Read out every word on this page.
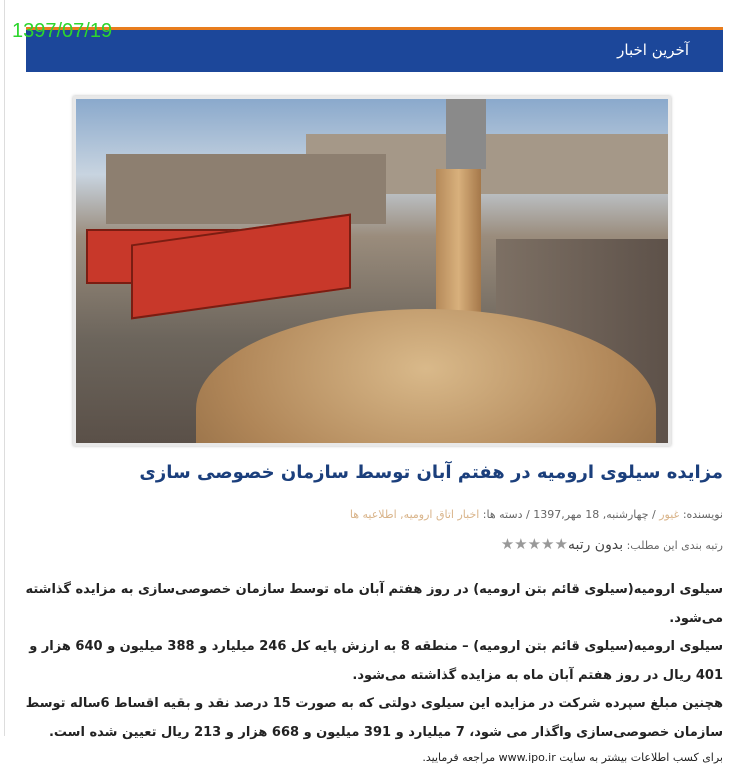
1397/07/19
آخرین اخبار
مزایده سیلوی ارومیه در هفتم آبان توسط سازمان خصوصی سازی
نویسنده: غیور / چهارشنبه, 18 مهر,1397 / دسته ها: اخبار اتاق ارومیه, اطلاعیه ها
رتبه بندی این مطلب: بدون رتبه★★★★★

سیلوی ارومیه(سیلوی قائم بتن ارومیه) در روز هفتم آبان ماه توسط سازمان خصوصی‌سازی به مزایده گذاشته می‌شود.

سیلوی ارومیه(سیلوی قائم بتن ارومیه) – منطقه 8 به ارزش پایه کل 246 میلیارد و 388 میلیون و 640 هزار و 401 ریال در روز هفتم آبان ماه به مزایده گذاشته می‌شود.

هچنین مبلغ سپرده شرکت در مزایده این سیلوی دولتی که به صورت 15 درصد نقد و بقیه اقساط 6ساله توسط سازمان خصوصی‌سازی واگذار می شود، 7 میلیارد و 391 میلیون و 668 هزار و 213 ریال تعیین شده است.

برای کسب اطلاعات بیشتر به سایت www.ipo.ir مراجعه فرمایید.
